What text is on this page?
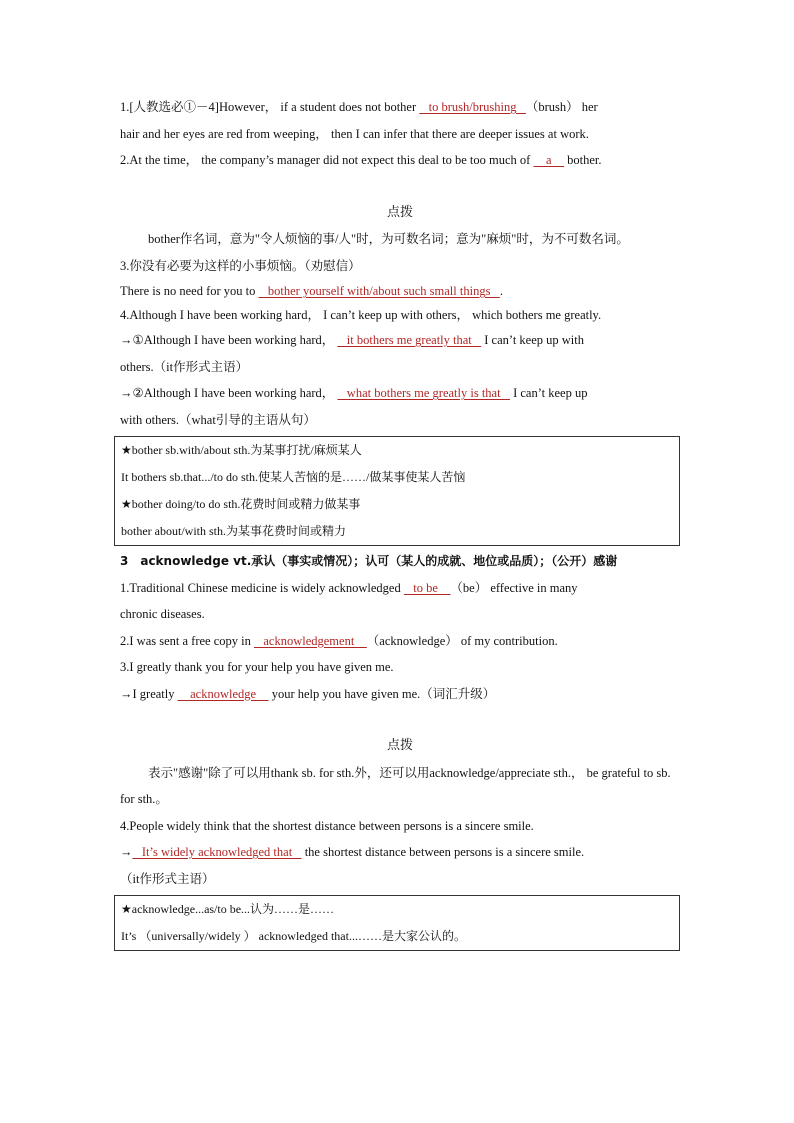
1.[人教选必①－4]However， if a student does not bother    to brush/brushing   （brush） her
hair and her eyes are red from weeping， then I can infer that there are deeper issues at work.
2.At the time， the company’s manager did not expect this deal to be too much of     a     bother.
点拨
bother作名词，意为"令人烦恼的事/人"时，为可数名词；意为"麻烦"时，为不可数名词。
3.你没有必要为这样的小事烦恼。（劝慰信）
There is no need for you to    bother yourself with/about such small things   .
4.Although I have been working hard， I can’t keep up with others， which bothers me greatly.
→①Although I have been working hard，    it bothers me greatly that    I can’t keep up with
others.（it作形式主语）
→②Although I have been working hard，    what bothers me greatly is that    I can’t keep up
with others.（what引导的主语从句）
★bother sb.with/about sth.为某事打扰/麻烦某人
It bothers sb.that.../to do sth.使某人苦恼的是……/做某事使某人苦恼
★bother doing/to do sth.花费时间或精力做某事
bother about/with sth.为某事花费时间或精力
3　acknowledge vt.承认（事实或情况）；认可（某人的成就、地位或品质）；（公开）感谢
1.Traditional Chinese medicine is widely acknowledged    to be    （be） effective in many
chronic diseases.
2.I was sent a free copy in    acknowledgement    （acknowledge） of my contribution.
3.I greatly thank you for your help you have given me.
→I greatly     acknowledge     your help you have given me.（词汇升级）
点拨
表示"感谢"除了可以用thank sb. for sth.外，还可以用acknowledge/appreciate sth.， be grateful to sb. for sth.。
4.People widely think that the shortest distance between persons is a sincere smile.
→   It’s widely acknowledged that    the shortest distance between persons is a sincere smile.
（it作形式主语）
★acknowledge...as/to be...认为……是……
It’s （universally/widely ） acknowledged that...……是大家公认的。
